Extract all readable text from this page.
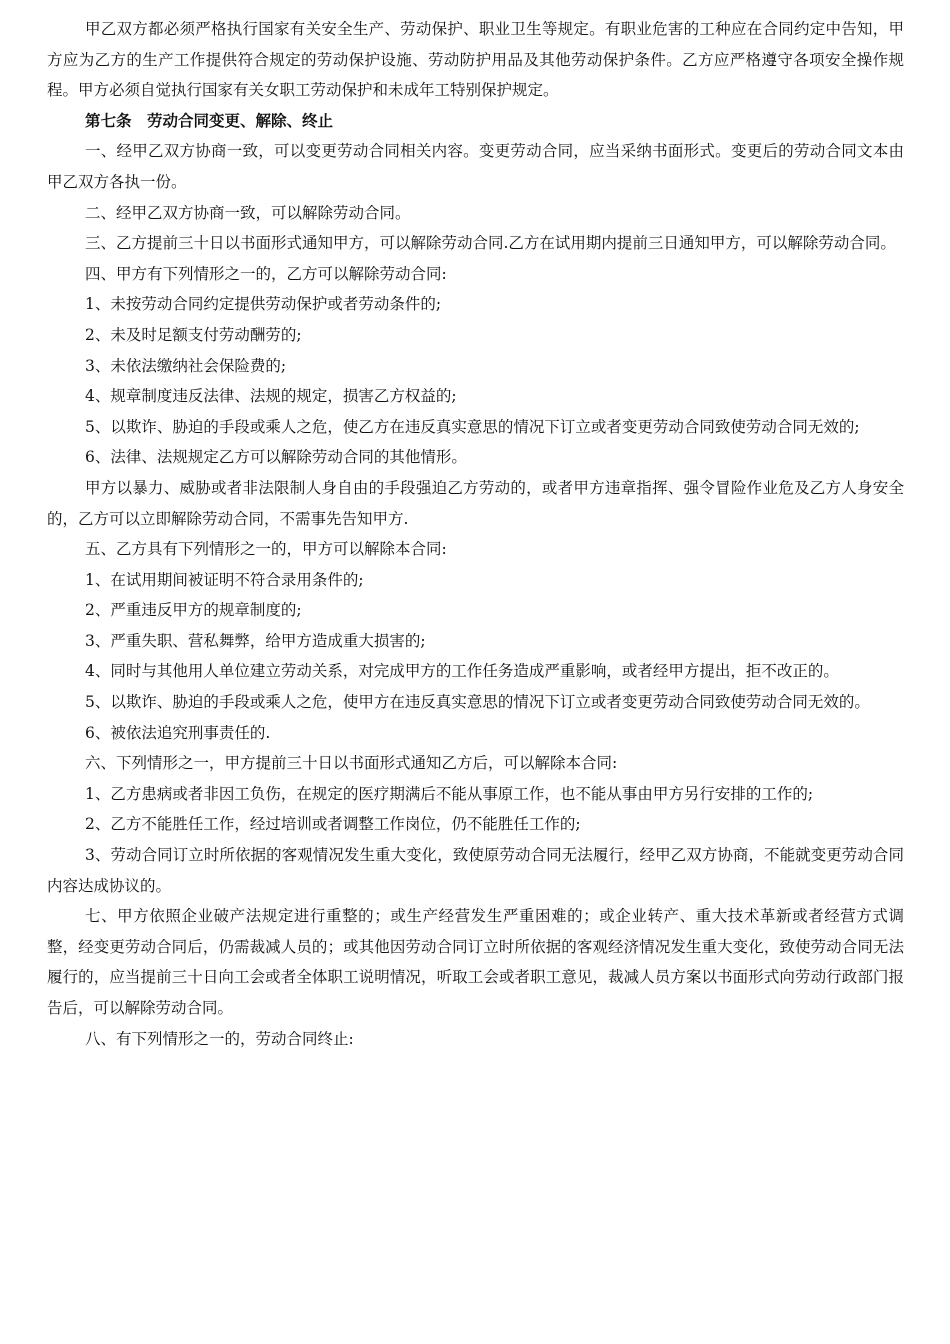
甲乙双方都必须严格执行国家有关安全生产、劳动保护、职业卫生等规定。有职业危害的工种应在合同约定中告知，甲方应为乙方的生产工作提供符合规定的劳动保护设施、劳动防护用品及其他劳动保护条件。乙方应严格遵守各项安全操作规程。甲方必须自觉执行国家有关女职工劳动保护和未成年工特别保护规定。

第七条　劳动合同变更、解除、终止

一、经甲乙双方协商一致，可以变更劳动合同相关内容。变更劳动合同，应当采纳书面形式。变更后的劳动合同文本由甲乙双方各执一份。

二、经甲乙双方协商一致，可以解除劳动合同。

三、乙方提前三十日以书面形式通知甲方，可以解除劳动合同.乙方在试用期内提前三日通知甲方，可以解除劳动合同。

四、甲方有下列情形之一的，乙方可以解除劳动合同:

1、未按劳动合同约定提供劳动保护或者劳动条件的;

2、未及时足额支付劳动酬劳的;

3、未依法缴纳社会保险费的;

4、规章制度违反法律、法规的规定，损害乙方权益的;

5、以欺诈、胁迫的手段或乘人之危，使乙方在违反真实意思的情况下订立或者变更劳动合同致使劳动合同无效的;

6、法律、法规规定乙方可以解除劳动合同的其他情形。

甲方以暴力、威胁或者非法限制人身自由的手段强迫乙方劳动的，或者甲方违章指挥、强令冒险作业危及乙方人身安全的，乙方可以立即解除劳动合同，不需事先告知甲方.

五、乙方具有下列情形之一的，甲方可以解除本合同:

1、在试用期间被证明不符合录用条件的;

2、严重违反甲方的规章制度的;

3、严重失职、营私舞弊，给甲方造成重大损害的;

4、同时与其他用人单位建立劳动关系，对完成甲方的工作任务造成严重影响，或者经甲方提出，拒不改正的。

5、以欺诈、胁迫的手段或乘人之危，使甲方在违反真实意思的情况下订立或者变更劳动合同致使劳动合同无效的。

6、被依法追究刑事责任的.

六、下列情形之一，甲方提前三十日以书面形式通知乙方后，可以解除本合同:

1、乙方患病或者非因工负伤，在规定的医疗期满后不能从事原工作，也不能从事由甲方另行安排的工作的;

2、乙方不能胜任工作，经过培训或者调整工作岗位，仍不能胜任工作的;

3、劳动合同订立时所依据的客观情况发生重大变化，致使原劳动合同无法履行，经甲乙双方协商，不能就变更劳动合同内容达成协议的。

七、甲方依照企业破产法规定进行重整的；或生产经营发生严重困难的；或企业转产、重大技术革新或者经营方式调整，经变更劳动合同后，仍需裁减人员的；或其他因劳动合同订立时所依据的客观经济情况发生重大变化，致使劳动合同无法履行的，应当提前三十日向工会或者全体职工说明情况，听取工会或者职工意见，裁减人员方案以书面形式向劳动行政部门报告后，可以解除劳动合同。

八、有下列情形之一的，劳动合同终止:
